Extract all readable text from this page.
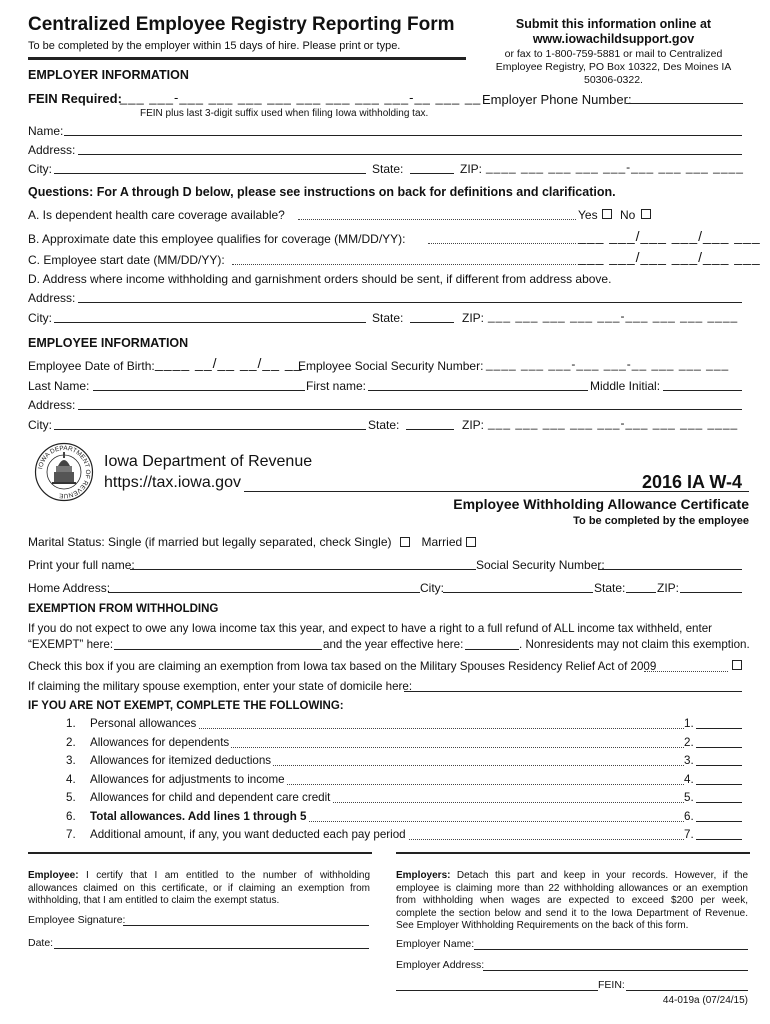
Centralized Employee Registry Reporting Form
To be completed by the employer within 15 days of hire. Please print or type.
Submit this information online at
www.iowachildsupport.gov
or fax to 1-800-759-5881 or mail to Centralized Employee Registry, PO Box 10322, Des Moines IA 50306-0322.
EMPLOYER INFORMATION
FEIN Required:
___ ___-___ ___ ___ ___ ___ ___ ___ ___-__ ___ __
FEIN plus last 3-digit suffix used when filing Iowa withholding tax.
Employer Phone Number:
Name:
Address:
City:	State:	ZIP: ____ ___ ___ ___ ___-___ ___ ___ ____
Questions: For A through D below, please see instructions on back for definitions and clarification.
A. Is dependent health care coverage available?	Yes No
B. Approximate date this employee qualifies for coverage (MM/DD/YY):	___ ___/___ ___/___ ___
C. Employee start date (MM/DD/YY):	___ ___/___ ___/___ ___
D. Address where income withholding and garnishment orders should be sent, if different from address above.
Address:
City:	State:	ZIP: ___ ___ ___ ___ ___-___ ___ ___ ____
EMPLOYEE INFORMATION
Employee Date of Birth: ____ __/__ __/__ __
Employee Social Security Number: ____ ___ ___-___ ___-__ ___ ___ ___
Last Name:	First name:	Middle Initial:
Address:
City:	State:	ZIP: ___ ___ ___ ___ ___-___ ___ ___ ____
IOWA DEPARTMENT OF REVENUE
Iowa Department of Revenue
https://tax.iowa.gov	2016 IA W-4
Employee Withholding Allowance Certificate
To be completed by the employee
Marital Status: Single (if married but legally separated, check Single)	Married
Print your full name:	Social Security Number:
Home Address:	City:	State:	ZIP:
EXEMPTION FROM WITHHOLDING
If you do not expect to owe any Iowa income tax this year, and expect to have a right to a full refund of ALL income tax withheld, enter
“EXEMPT” here:	and the year effective here:	. Nonresidents may not claim this exemption.
Check this box if you are claiming an exemption from Iowa tax based on the Military Spouses Residency Relief Act of 2009
If claiming the military spouse exemption, enter your state of domicile here:
IF YOU ARE NOT EXEMPT, COMPLETE THE FOLLOWING:
1. Personal allowances	1.
2. Allowances for dependents	2.
3. Allowances for itemized deductions	3.
4. Allowances for adjustments to income	4.
5. Allowances for child and dependent care credit	5.
6. Total allowances. Add lines 1 through 5	6.
7. Additional amount, if any, you want deducted each pay period	7.
Employee: I certify that I am entitled to the number of withholding allowances claimed on this certificate, or if claiming an exemption from withholding, that I am entitled to claim the exempt status.
Employee Signature:
Date:
Employers: Detach this part and keep in your records. However, if the employee is claiming more than 22 withholding allowances or an exemption from withholding when wages are expected to exceed $200 per week, complete the section below and send it to the Iowa Department of Revenue. See Employer Withholding Requirements on the back of this form.
Employer Name:
Employer Address:
FEIN:
44-019a (07/24/15)
